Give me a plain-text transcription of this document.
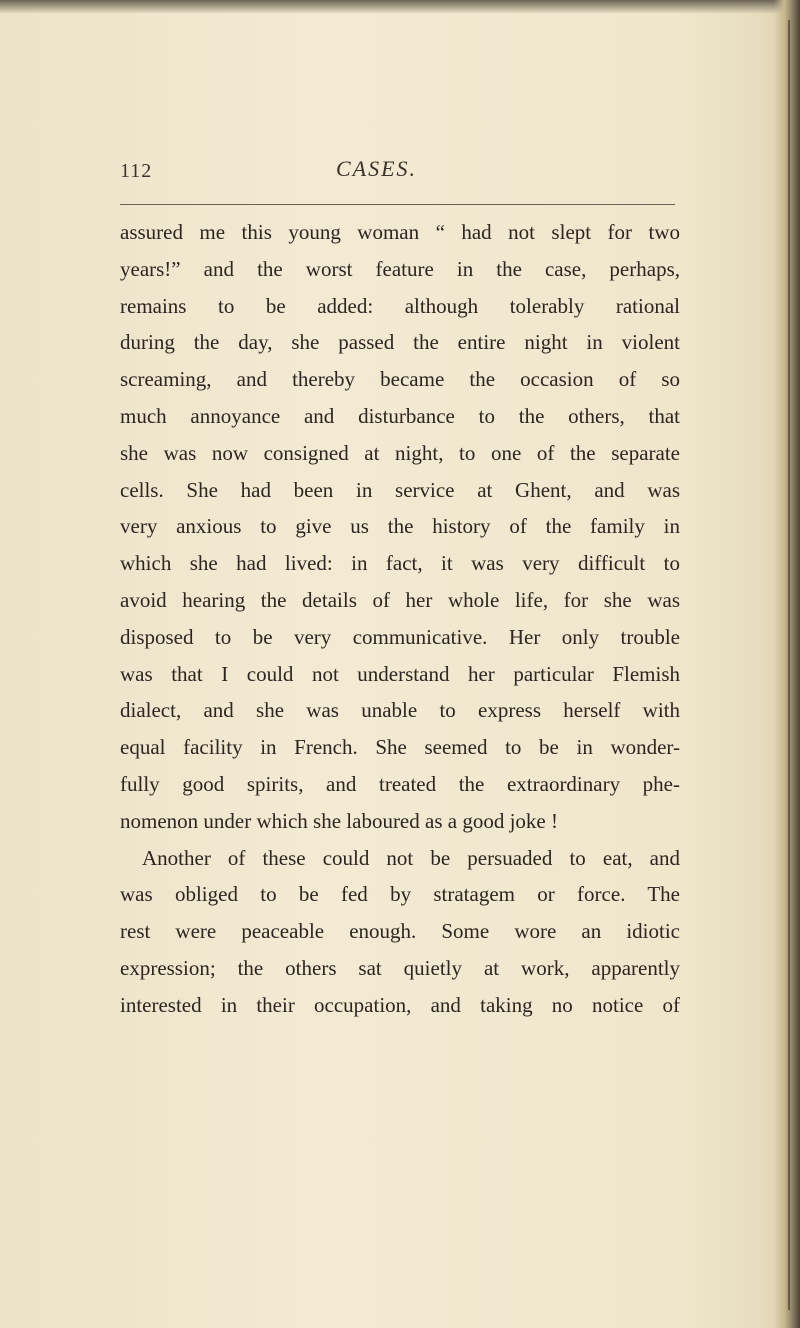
112	CASES.
assured me this young woman “ had not slept for two
years!” and the worst feature in the case, perhaps,
remains to be added: although tolerably rational
during the day, she passed the entire night in violent
screaming, and thereby became the occasion of so
much annoyance and disturbance to the others, that
she was now consigned at night, to one of the separate
cells. She had been in service at Ghent, and was
very anxious to give us the history of the family in
which she had lived: in fact, it was very difficult to
avoid hearing the details of her whole life, for she was
disposed to be very communicative. Her only trouble
was that I could not understand her particular Flemish
dialect, and she was unable to express herself with
equal facility in French. She seemed to be in wonder-
fully good spirits, and treated the extraordinary phe-
nomenon under which she laboured as a good joke !
Another of these could not be persuaded to eat, and
was obliged to be fed by stratagem or force. The
rest were peaceable enough. Some wore an idiotic
expression; the others sat quietly at work, apparently
interested in their occupation, and taking no notice of
